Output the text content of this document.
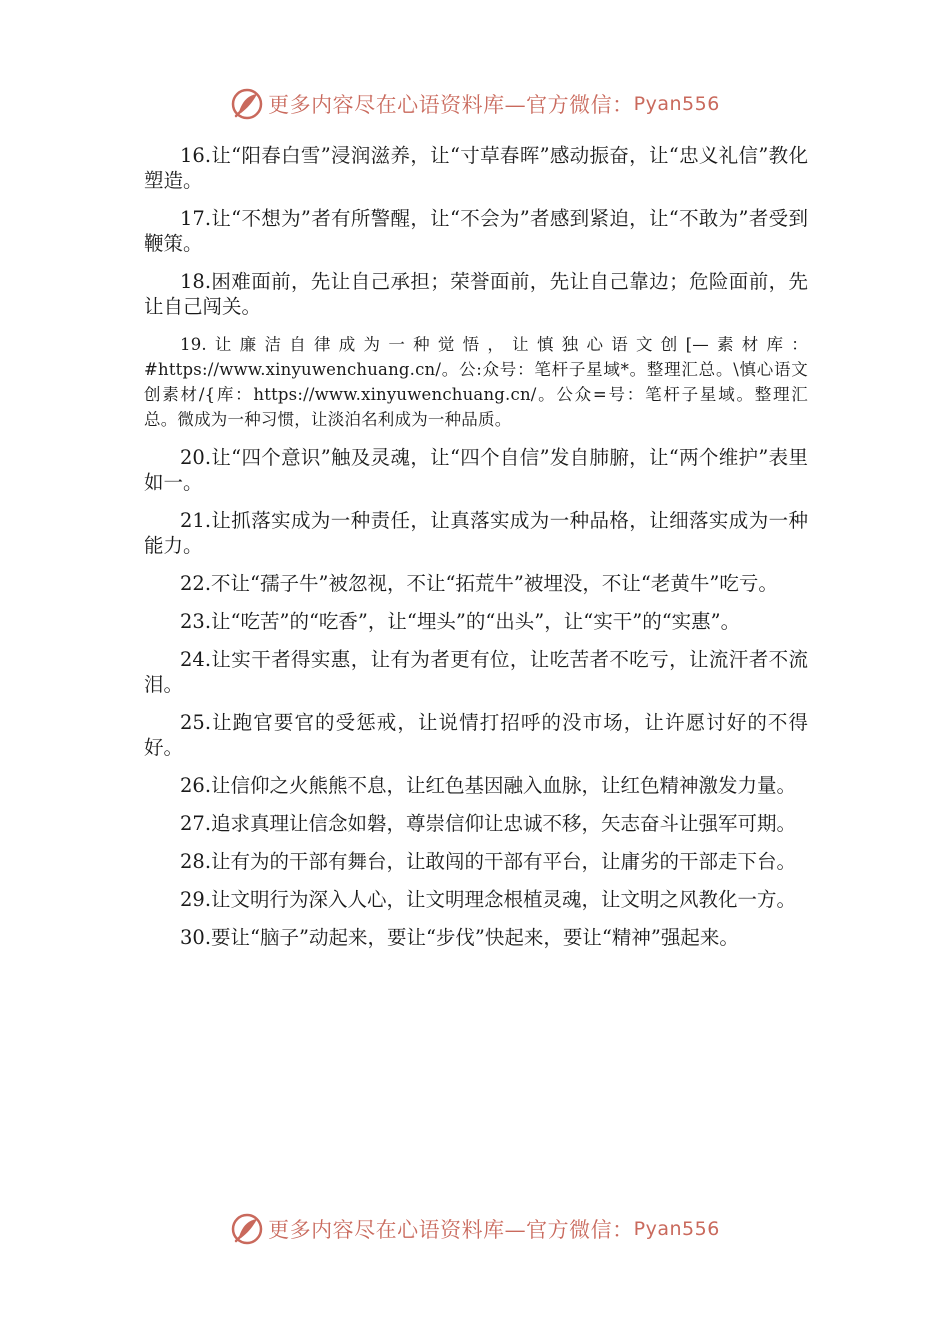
更多内容尽在心语资料库—官方微信： Pyan556

16.让“阳春白雪”浸润滋养，让“寸草春晖”感动振奋，让“忠义礼信”教化塑造。

17.让“不想为”者有所警醒，让“不会为”者感到紧迫，让“不敢为”者受到鞭策。

18.困难面前，先让自己承担；荣誉面前，先让自己靠边；危险面前，先让自己闯关。

19.让廉洁自律成为一种觉悟，让慎独心语文创[—素材库：#https://www.xinyuwenchuang.cn/。公:众号：笔杆子星域*。整理汇总。\慎心语文创素材/{库：https://www.xinyuwenchuang.cn/。公众=号：笔杆子星域。整理汇总。微成为一种习惯，让淡泊名利成为一种品质。

20.让“四个意识”触及灵魂，让“四个自信”发自肺腑，让“两个维护”表里如一。

21.让抓落实成为一种责任，让真落实成为一种品格，让细落实成为一种能力。

22.不让“孺子牛”被忽视，不让“拓荒牛”被埋没，不让“老黄牛”吃亏。

23.让“吃苦”的“吃香”，让“埋头”的“出头”，让“实干”的“实惠”。

24.让实干者得实惠，让有为者更有位，让吃苦者不吃亏，让流汗者不流泪。

25.让跑官要官的受惩戒，让说情打招呼的没市场，让许愿讨好的不得好。

26.让信仰之火熊熊不息，让红色基因融入血脉，让红色精神激发力量。

27.追求真理让信念如磐，尊崇信仰让忠诚不移，矢志奋斗让强军可期。

28.让有为的干部有舞台，让敢闯的干部有平台，让庸劣的干部走下台。

29.让文明行为深入人心，让文明理念根植灵魂，让文明之风教化一方。

30.要让“脑子”动起来，要让“步伐”快起来，要让“精神”强起来。

更多内容尽在心语资料库—官方微信： Pyan556
